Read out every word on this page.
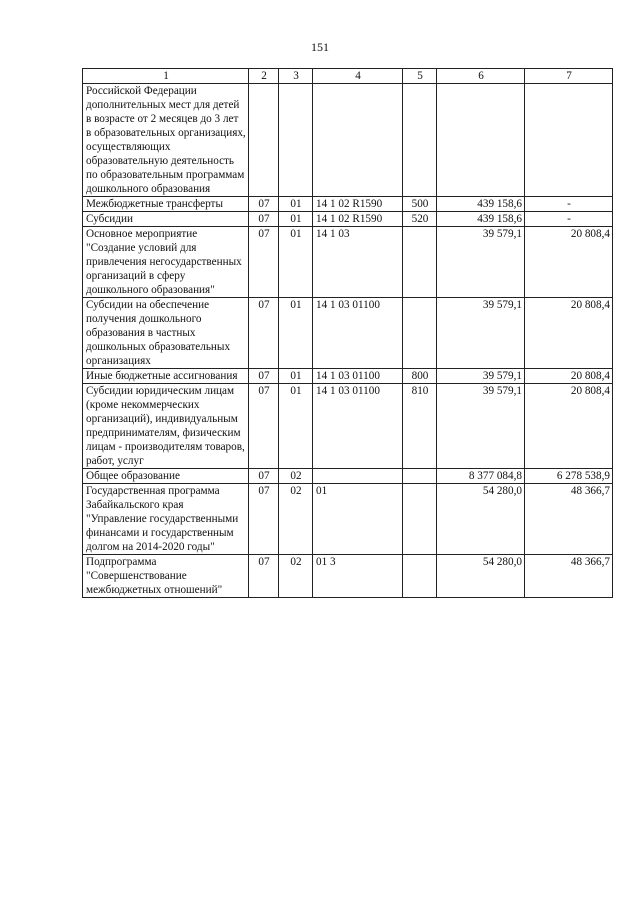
151
1	2	3	4	5	6	7
Российской Федерации дополнительных мест для детей в возрасте от 2 месяцев до 3 лет в образовательных организациях, осуществляющих образовательную деятельность по образовательным программам дошкольного образования						
Межбюджетные трансферты	07	01	14 1 02 R1590	500	439 158,6	-
Субсидии	07	01	14 1 02 R1590	520	439 158,6	-
Основное мероприятие "Создание условий для привлечения негосударственных организаций в сферу дошкольного образования"	07	01	14 1 03		39 579,1	20 808,4
Субсидии на обеспечение получения дошкольного образования в частных дошкольных образовательных организациях	07	01	14 1 03 01100		39 579,1	20 808,4
Иные бюджетные ассигнования	07	01	14 1 03 01100	800	39 579,1	20 808,4
Субсидии юридическим лицам (кроме некоммерческих организаций), индивидуальным предпринимателям, физическим лицам - производителям товаров, работ, услуг	07	01	14 1 03 01100	810	39 579,1	20 808,4
Общее образование	07	02			8 377 084,8	6 278 538,9
Государственная программа Забайкальского края "Управление государственными финансами и государственным долгом на 2014-2020 годы"	07	02	01		54 280,0	48 366,7
Подпрограмма "Совершенствование межбюджетных отношений"	07	02	01 3		54 280,0	48 366,7
